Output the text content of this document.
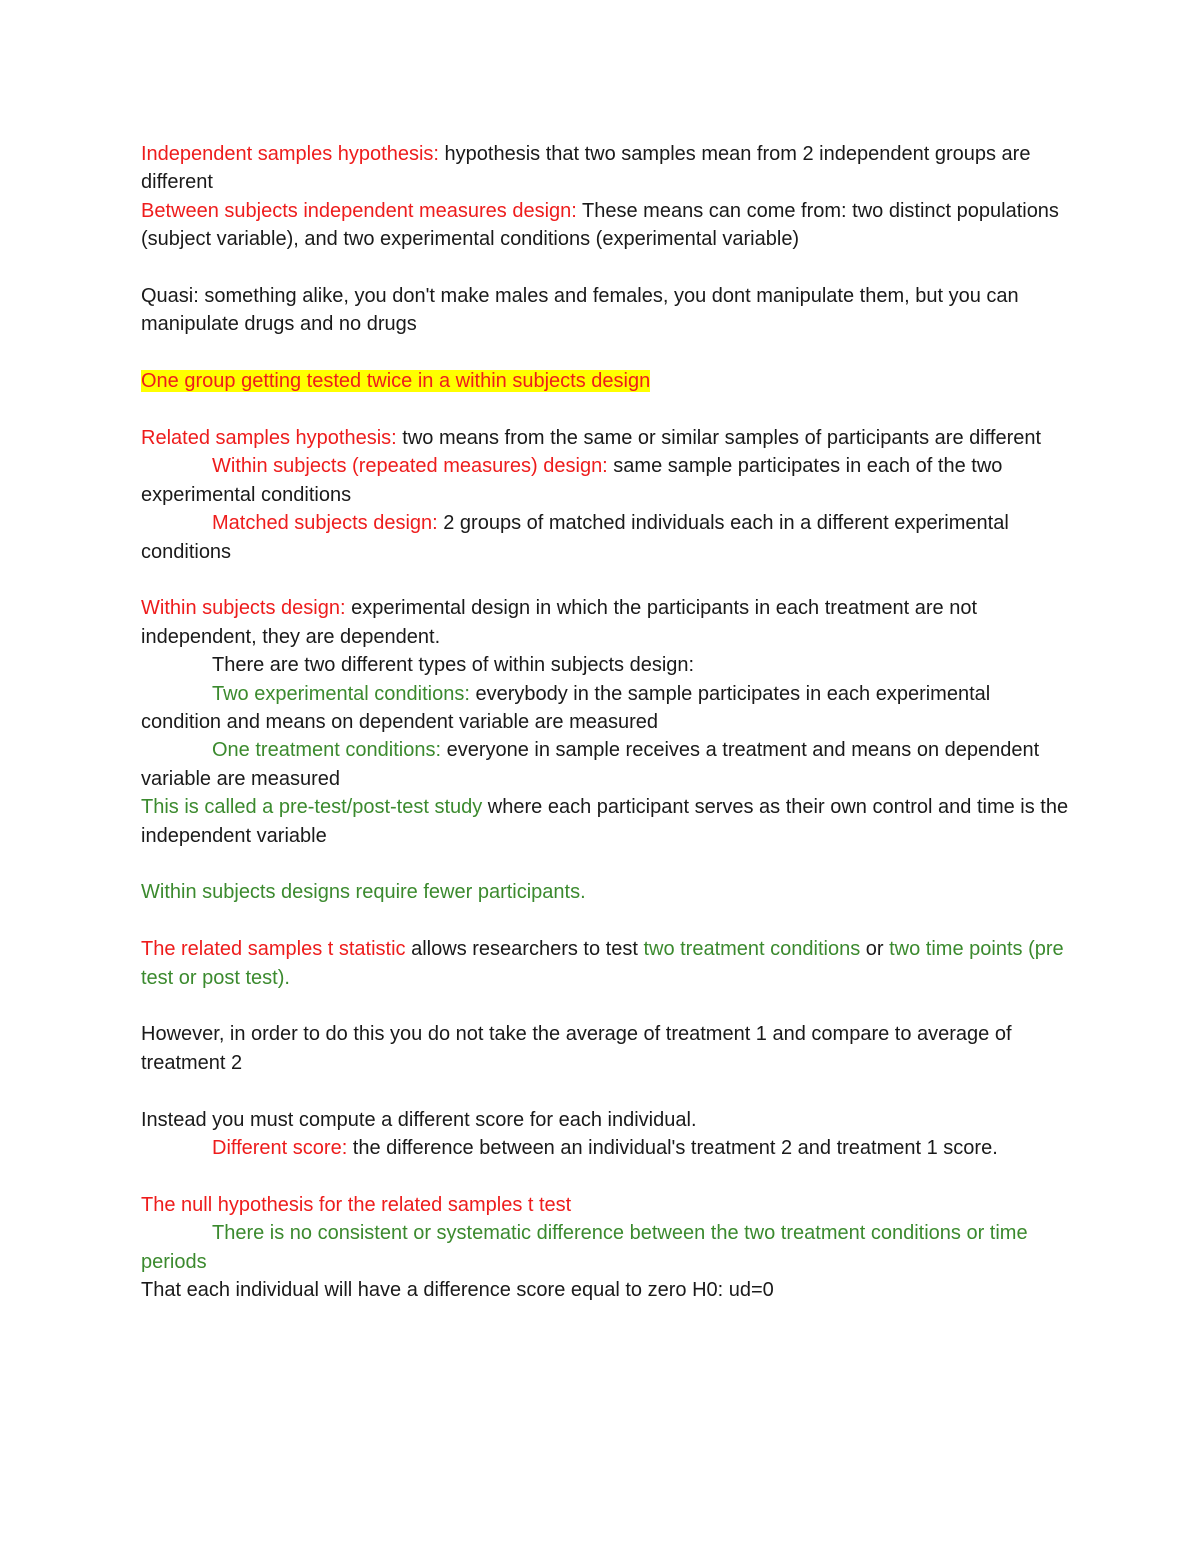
Independent samples hypothesis: hypothesis that two samples mean from 2 independent groups are different

Between subjects independent measures design: These means can come from: two distinct populations (subject variable), and two experimental conditions (experimental variable)

Quasi: something alike, you don't make males and females, you dont manipulate them, but you can manipulate drugs and no drugs

One group getting tested twice in a within subjects design

Related samples hypothesis: two means from the same or similar samples of participants are different

Within subjects (repeated measures) design: same sample participates in each of the two experimental conditions

Matched subjects design: 2 groups of matched individuals each in a different experimental conditions

Within subjects design: experimental design in which the participants in each treatment are not independent, they are dependent.

There are two different types of within subjects design:

Two experimental conditions: everybody in the sample participates in each experimental condition and means on dependent variable are measured

One treatment conditions: everyone in sample receives a treatment and means on dependent variable are measured

This is called a pre-test/post-test study where each participant serves as their own control and time is the independent variable

Within subjects designs require fewer participants.

The related samples t statistic allows researchers to test two treatment conditions or two time points (pre test or post test).

However, in order to do this you do not take the average of treatment 1 and compare to average of treatment 2

Instead you must compute a different score for each individual.

Different score: the difference between an individual's treatment 2 and treatment 1 score.

The null hypothesis for the related samples t test

There is no consistent or systematic difference between the two treatment conditions or time periods

That each individual will have a difference score equal to zero H0: ud=0
